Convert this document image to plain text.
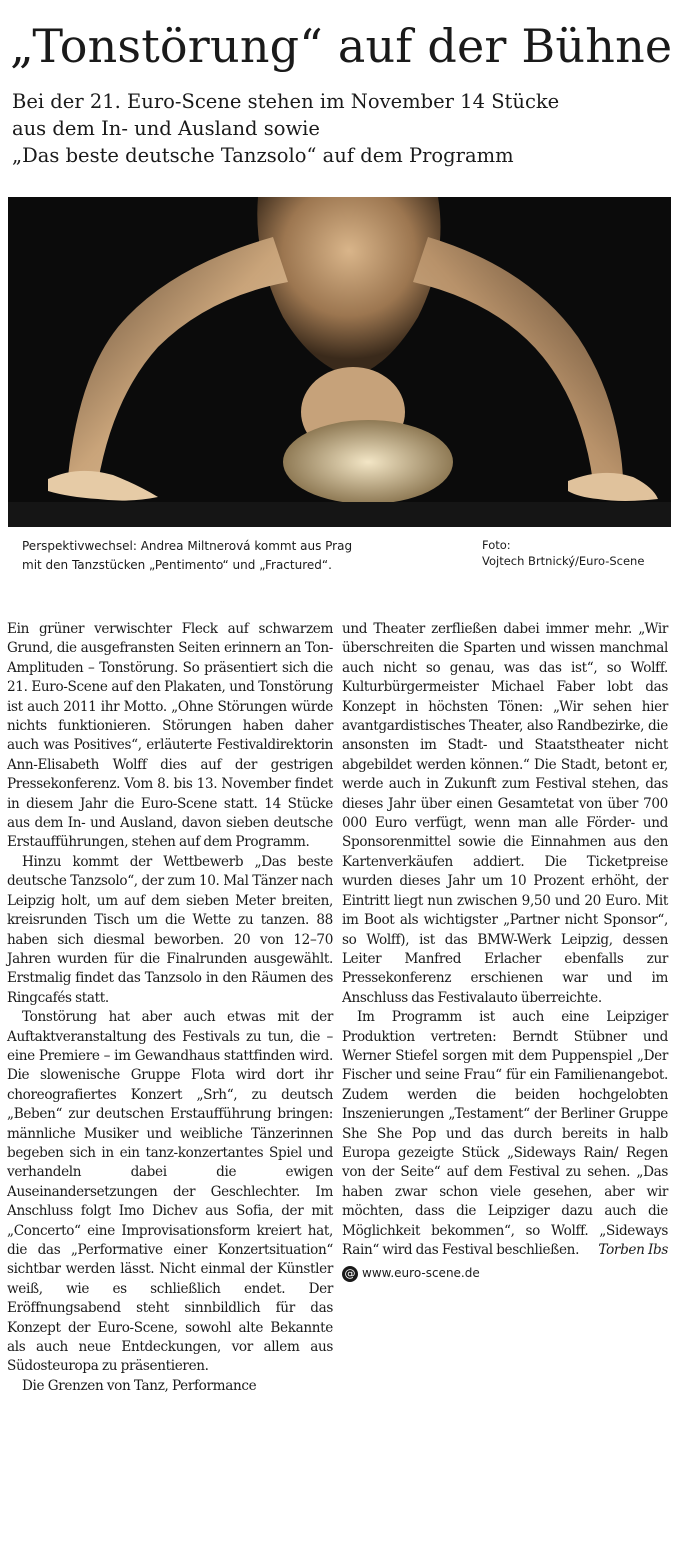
„Tonstörung“ auf der Bühne
Bei der 21. Euro-Scene stehen im November 14 Stücke
aus dem In- und Ausland sowie
„Das beste deutsche Tanzsolo“ auf dem Programm
Perspektivwechsel: Andrea Miltnerová kommt aus Prag
mit den Tanzstücken „Pentimento“ und „Fractured“.
Foto:
Vojtech Brtnický/Euro-Scene

Ein grüner verwischter Fleck auf schwarzem Grund, die ausgefransten Seiten erinnern an Ton-Amplituden – Tonstörung. So präsentiert sich die 21. Euro-Scene auf den Plakaten, und Tonstörung ist auch 2011 ihr Motto. „Ohne Störungen würde nichts funktionieren. Störungen haben daher auch was Positives“, erläuterte Festivaldirektorin Ann-Elisabeth Wolff dies auf der gestrigen Pressekonferenz. Vom 8. bis 13. November findet in diesem Jahr die Euro-Scene statt. 14 Stücke aus dem In- und Ausland, davon sieben deutsche Erstaufführungen, stehen auf dem Programm.

Hinzu kommt der Wettbewerb „Das beste deutsche Tanzsolo“, der zum 10. Mal Tänzer nach Leipzig holt, um auf dem sieben Meter breiten, kreisrunden Tisch um die Wette zu tanzen. 88 haben sich diesmal beworben. 20 von 12–70 Jahren wurden für die Finalrunden ausgewählt. Erstmalig findet das Tanzsolo in den Räumen des Ringcafés statt.

Tonstörung hat aber auch etwas mit der Auftaktveranstaltung des Festivals zu tun, die – eine Premiere – im Gewandhaus stattfinden wird. Die slowenische Gruppe Flota wird dort ihr choreografiertes Konzert „Srh“, zu deutsch „Beben“ zur deutschen Erstaufführung bringen: männliche Musiker und weibliche Tänzerinnen begeben sich in ein tanz-konzertantes Spiel und verhandeln dabei die ewigen Auseinandersetzungen der Geschlechter. Im Anschluss folgt Imo Dichev aus Sofia, der mit „Concerto“ eine Improvisationsform kreiert hat, die das „Performative einer Konzertsituation“ sichtbar werden lässt. Nicht einmal der Künstler weiß, wie es schließlich endet. Der Eröffnungsabend steht sinnbildlich für das Konzept der Euro-Scene, sowohl alte Bekannte als auch neue Entdeckungen, vor allem aus Südosteuropa zu präsentieren.

Die Grenzen von Tanz, Performance

und Theater zerfließen dabei immer mehr. „Wir überschreiten die Sparten und wissen manchmal auch nicht so genau, was das ist“, so Wolff. Kulturbürgermeister Michael Faber lobt das Konzept in höchsten Tönen: „Wir sehen hier avantgardistisches Theater, also Randbezirke, die ansonsten im Stadt- und Staatstheater nicht abgebildet werden können.“ Die Stadt, betont er, werde auch in Zukunft zum Festival stehen, das dieses Jahr über einen Gesamtetat von über 700 000 Euro verfügt, wenn man alle Förder- und Sponsorenmittel sowie die Einnahmen aus den Kartenverkäufen addiert. Die Ticketpreise wurden dieses Jahr um 10 Prozent erhöht, der Eintritt liegt nun zwischen 9,50 und 20 Euro. Mit im Boot als wichtigster „Partner nicht Sponsor“, so Wolff), ist das BMW-Werk Leipzig, dessen Leiter Manfred Erlacher ebenfalls zur Pressekonferenz erschienen war und im Anschluss das Festivalauto überreichte.

Im Programm ist auch eine Leipziger Produktion vertreten: Berndt Stübner und Werner Stiefel sorgen mit dem Puppenspiel „Der Fischer und seine Frau“ für ein Familienangebot. Zudem werden die beiden hochgelobten Inszenierungen „Testament“ der Berliner Gruppe She She Pop und das durch bereits in halb Europa gezeigte Stück „Sideways Rain/ Regen von der Seite“ auf dem Festival zu sehen. „Das haben zwar schon viele gesehen, aber wir möchten, dass die Leipziger dazu auch die Möglichkeit bekommen“, so Wolff. „Sideways Rain“ wird das Festival beschließen.	Torben Ibs
@ www.euro-scene.de
